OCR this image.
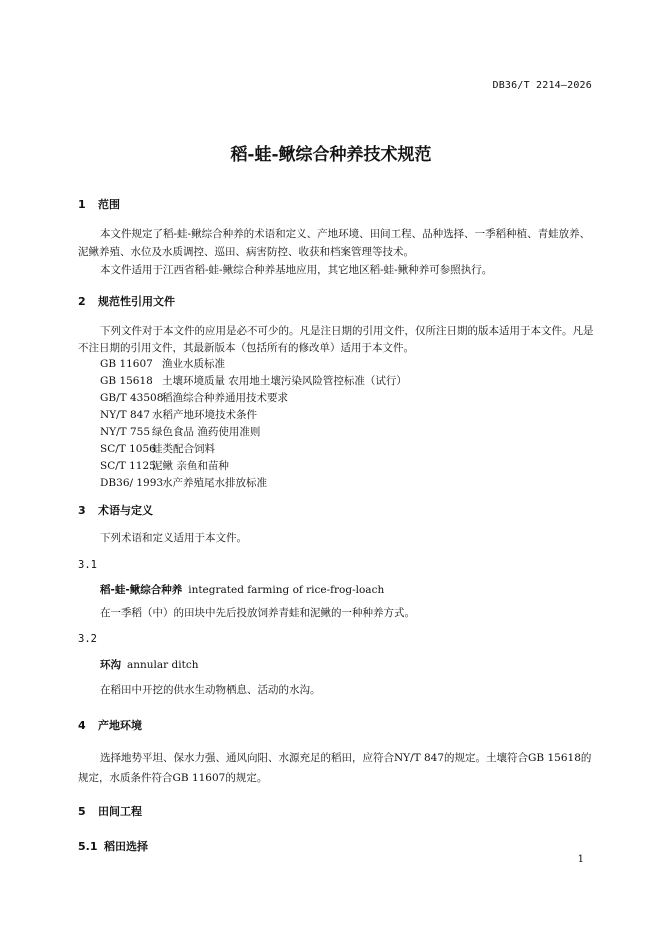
DB36/T 2214—2026
稻-蛙-鳅综合种养技术规范
1 范围
本文件规定了稻-蛙-鳅综合种养的术语和定义、产地环境、田间工程、品种选择、一季稻种植、青蛙放养、泥鳅养殖、水位及水质调控、巡田、病害防控、收获和档案管理等技术。
本文件适用于江西省稻-蛙-鳅综合种养基地应用，其它地区稻-蛙-鳅种养可参照执行。
2 规范性引用文件
下列文件对于本文件的应用是必不可少的。凡是注日期的引用文件，仅所注日期的版本适用于本文件。凡是不注日期的引用文件，其最新版本（包括所有的修改单）适用于本文件。
GB 11607 渔业水质标准
GB 15618 土壤环境质量 农用地土壤污染风险管控标准（试行）
GB/T 43508稻渔综合种养通用技术要求
NY/T 847 水稻产地环境技术条件
NY/T 755 绿色食品 渔药使用准则
SC/T 1056蛙类配合饲料
SC/T 1125泥鳅 亲鱼和苗种
DB36/ 1993水产养殖尾水排放标准
3 术语与定义
下列术语和定义适用于本文件。
3.1
稻-蛙-鳅综合种养 integrated farming of rice-frog-loach
在一季稻（中）的田块中先后投放饲养青蛙和泥鳅的一种种养方式。
3.2
环沟 annular ditch
在稻田中开挖的供水生动物栖息、活动的水沟。
4 产地环境
选择地势平坦、保水力强、通风向阳、水源充足的稻田，应符合NY/T 847的规定。土壤符合GB 15618的规定，水质条件符合GB 11607的规定。
5 田间工程
5.1 稻田选择
1
